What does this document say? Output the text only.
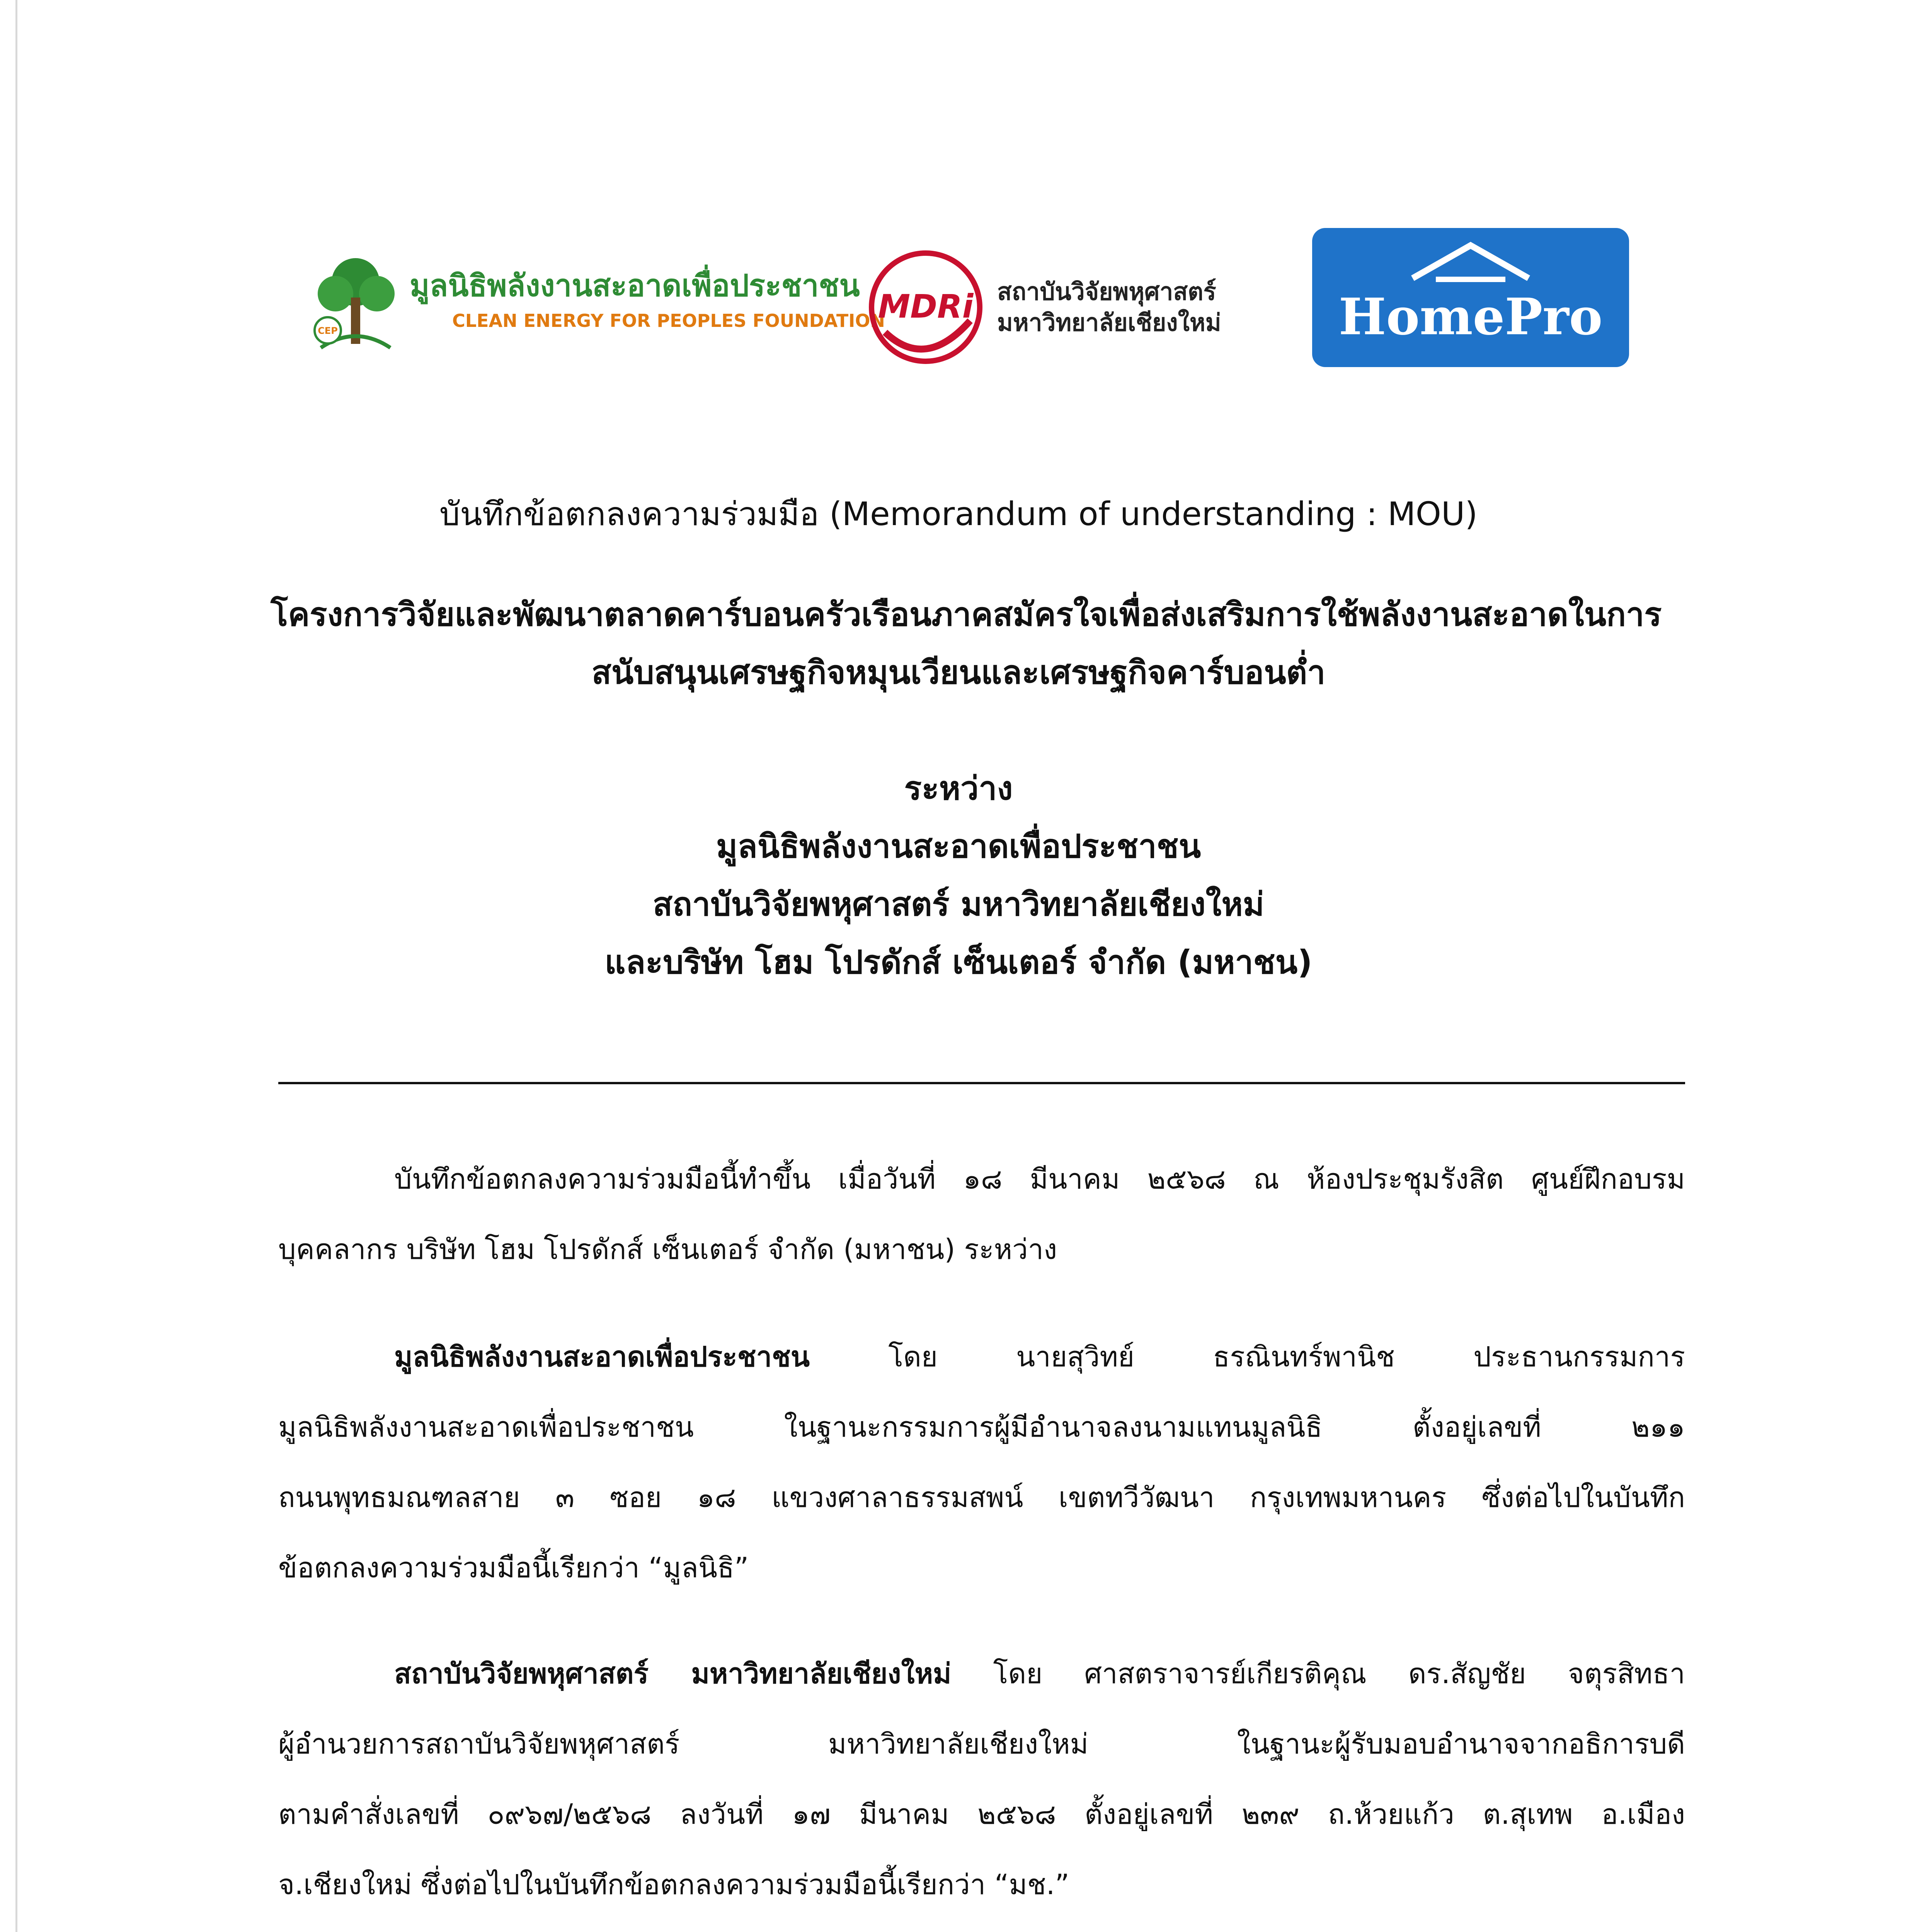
CEP
มูลนิธิพลังงานสะอาดเพื่อประชาชน
CLEAN ENERGY FOR PEOPLES FOUNDATION
MDRi สถาบันวิจัยพหุศาสตร์
มหาวิทยาลัยเชียงใหม่	HomePro
บันทึกข้อตกลงความร่วมมือ (Memorandum of understanding : MOU)
โครงการวิจัยและพัฒนาตลาดคาร์บอนครัวเรือนภาคสมัครใจเพื่อส่งเสริมการใช้พลังงานสะอาดในการ
สนับสนุนเศรษฐกิจหมุนเวียนและเศรษฐกิจคาร์บอนต่ำ
ระหว่าง
มูลนิธิพลังงานสะอาดเพื่อประชาชน
สถาบันวิจัยพหุศาสตร์ มหาวิทยาลัยเชียงใหม่
และบริษัท โฮม โปรดักส์ เซ็นเตอร์ จำกัด (มหาชน)
บันทึกข้อตกลงความร่วมมือนี้ทำขึ้น เมื่อวันที่ ๑๘ มีนาคม ๒๕๖๘ ณ ห้องประชุมรังสิต ศูนย์ฝึกอบรม
บุคคลากร บริษัท โฮม โปรดักส์ เซ็นเตอร์ จำกัด (มหาชน) ระหว่าง
มูลนิธิพลังงานสะอาดเพื่อประชาชน โดย นายสุวิทย์ ธรณินทร์พานิช ประธานกรรมการ
มูลนิธิพลังงานสะอาดเพื่อประชาชน ในฐานะกรรมการผู้มีอำนาจลงนามแทนมูลนิธิ ตั้งอยู่เลขที่ ๒๑๑
ถนนพุทธมณฑลสาย ๓ ซอย ๑๘ แขวงศาลาธรรมสพน์ เขตทวีวัฒนา กรุงเทพมหานคร ซึ่งต่อไปในบันทึก
ข้อตกลงความร่วมมือนี้เรียกว่า “มูลนิธิ”
สถาบันวิจัยพหุศาสตร์ มหาวิทยาลัยเชียงใหม่ โดย ศาสตราจารย์เกียรติคุณ ดร.สัญชัย จตุรสิทธา
ผู้อำนวยการสถาบันวิจัยพหุศาสตร์ มหาวิทยาลัยเชียงใหม่ ในฐานะผู้รับมอบอำนาจจากอธิการบดี
ตามคำสั่งเลขที่ ๐๙๖๗/๒๕๖๘ ลงวันที่ ๑๗ มีนาคม ๒๕๖๘ ตั้งอยู่เลขที่ ๒๓๙ ถ.ห้วยแก้ว ต.สุเทพ อ.เมือง
จ.เชียงใหม่ ซึ่งต่อไปในบันทึกข้อตกลงความร่วมมือนี้เรียกว่า “มช.”
